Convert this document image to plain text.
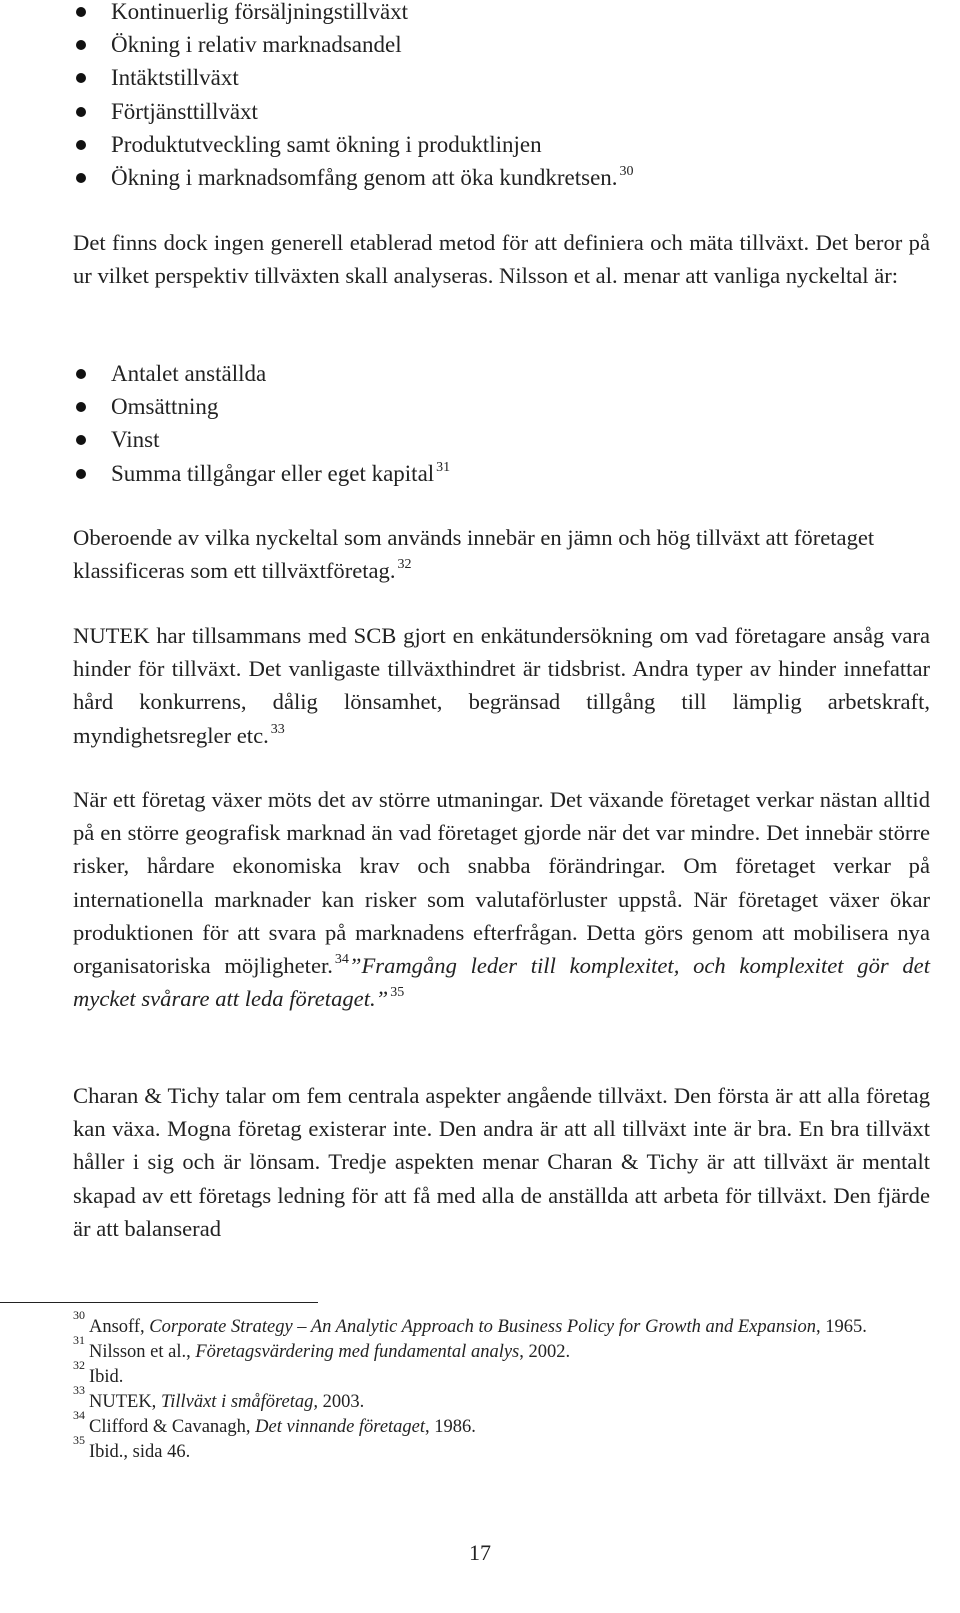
Kontinuerlig försäljningstillväxt
Ökning i relativ marknadsandel
Intäktstillväxt
Förtjänsttillväxt
Produktutveckling samt ökning i produktlinjen
Ökning i marknadsomfång genom att öka kundkretsen. $^{30}$

Det finns dock ingen generell etablerad metod för att definiera och mäta tillväxt. Det beror på ur vilket perspektiv tillväxten skall analyseras. Nilsson et al. menar att vanliga nyckeltal är:

Antalet anställda
Omsättning
Vinst
Summa tillgångar eller eget kapital $^{31}$

Oberoende av vilka nyckeltal som används innebär en jämn och hög tillväxt att företaget klassificeras som ett tillväxtföretag. $^{32}$

NUTEK har tillsammans med SCB gjort en enkätundersökning om vad företagare ansåg vara hinder för tillväxt. Det vanligaste tillväxthindret är tidsbrist. Andra typer av hinder innefattar hård konkurrens, dålig lönsamhet, begränsad tillgång till lämplig arbetskraft, myndighetsregler etc. $^{33}$

När ett företag växer möts det av större utmaningar. Det växande företaget verkar nästan alltid på en större geografisk marknad än vad företaget gjorde när det var mindre. Det innebär större risker, hårdare ekonomiska krav och snabba förändringar. Om företaget verkar på internationella marknader kan risker som valutaförluster uppstå. När företaget växer ökar produktionen för att svara på marknadens efterfrågan. Detta görs genom att mobilisera nya organisatoriska möjligheter. $^{34}$”Framgång leder till komplexitet, och komplexitet gör det mycket svårare att leda företaget.” $^{35}$

Charan & Tichy talar om fem centrala aspekter angående tillväxt. Den första är att alla företag kan växa. Mogna företag existerar inte. Den andra är att all tillväxt inte är bra. En bra tillväxt håller i sig och är lönsam. Tredje aspekten menar Charan & Tichy är att tillväxt är mentalt skapad av ett företags ledning för att få med alla de anställda att arbeta för tillväxt. Den fjärde är att balanserad

$^{30}$Ansoff, Corporate Strategy – An Analytic Approach to Business Policy for Growth and Expansion, 1965.

$^{31}$Nilsson et al., Företagsvärdering med fundamental analys, 2002.

$^{32}$Ibid.

$^{33}$NUTEK, Tillväxt i småföretag, 2003.

$^{34}$Clifford & Cavanagh, Det vinnande företaget, 1986.

$^{35}$Ibid., sida 46.

17
